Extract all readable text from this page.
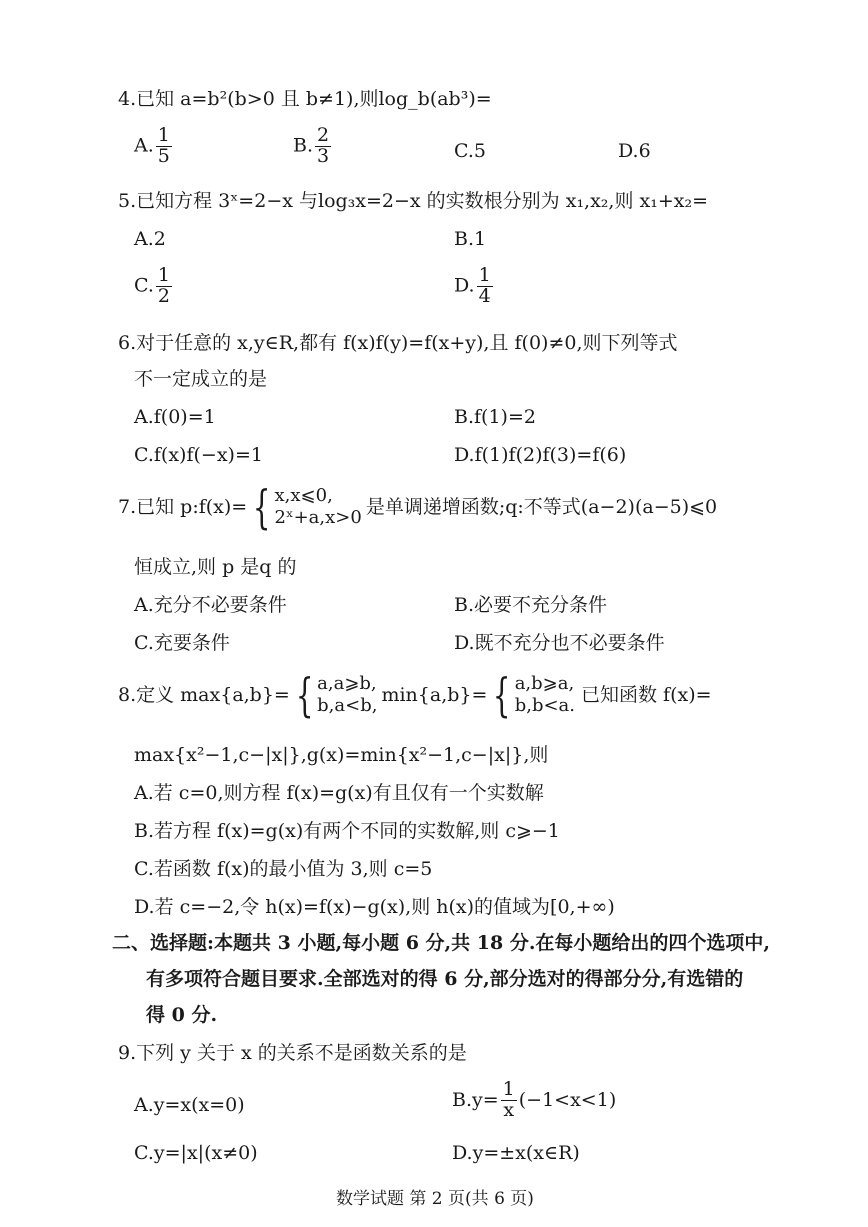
4.已知 a=b²(b>0 且 b≠1),则log_b(ab³)=
A. $\frac{1}{5}$	B. $\frac{2}{3}$	C.5	D.6
5.已知方程 3ˣ=2−x 与log₃x=2−x 的实数根分别为 x₁,x₂,则 x₁+x₂=
A.2	B.1
C. $\frac{1}{2}$	D. $\frac{1}{4}$
6.对于任意的 x,y∈R,都有 f(x)f(y)=f(x+y),且 f(0)≠0,则下列等式
不一定成立的是
A.f(0)=1	B.f(1)=2
C.f(x)f(−x)=1	D.f(1)f(2)f(3)=f(6)
7.已知 p:f(x)= { x,x⩽0,
2ˣ+a,x>0 是单调递增函数;q:不等式(a−2)(a−5)⩽0
恒成立,则 p 是q 的
A.充分不必要条件	B.必要不充分条件
C.充要条件	D.既不充分也不必要条件
8.定义 max{a,b}= { a,a⩾b,
b,a<b, min{a,b}= { a,b⩾a,
b,b<a. 已知函数 f(x)=
max{x²−1,c−|x|},g(x)=min{x²−1,c−|x|},则
A.若 c=0,则方程 f(x)=g(x)有且仅有一个实数解
B.若方程 f(x)=g(x)有两个不同的实数解,则 c⩾−1
C.若函数 f(x)的最小值为 3,则 c=5
D.若 c=−2,令 h(x)=f(x)−g(x),则 h(x)的值域为[0,+∞)
二、选择题:本题共 3 小题,每小题 6 分,共 18 分.在每小题给出的四个选项中,
有多项符合题目要求.全部选对的得 6 分,部分选对的得部分分,有选错的
得 0 分.
9.下列 y 关于 x 的关系不是函数关系的是
A.y=x(x=0)	$B.y= \frac{1}{x} (-1<x<1)$
C.y=|x|(x≠0)	D.y=±x(x∈R)
数学试题 第 2 页(共 6 页)
